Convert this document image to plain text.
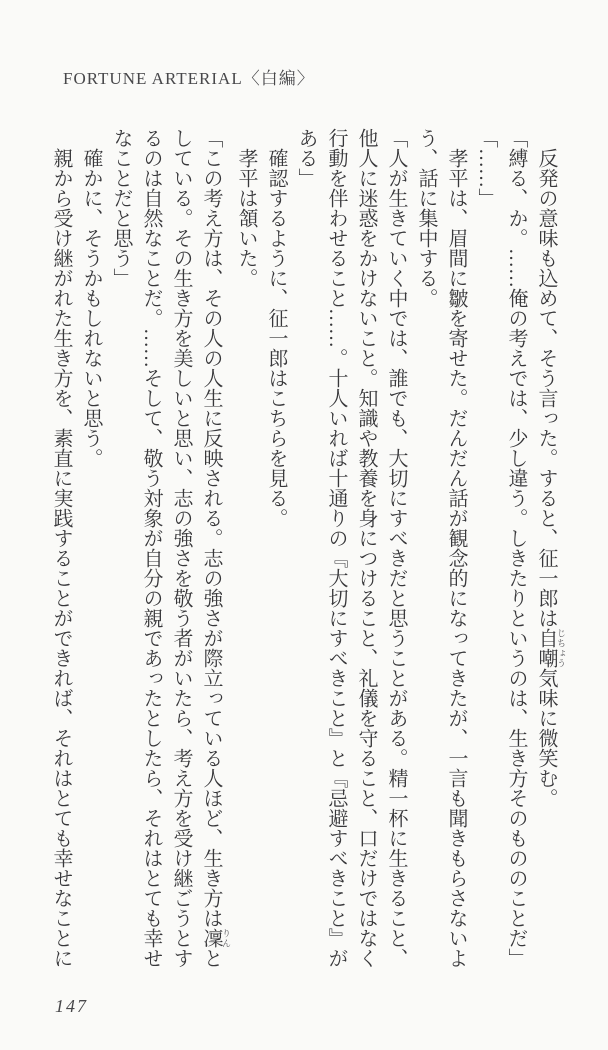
FORTUNE ARTERIAL〈白編〉

反発の意味も込めて、そう言った。すると、征一郎は自嘲 じちょう気味に微笑む。

「縛る、か。……俺の考えでは、少し違う。しきたりというのは、生き方そのもののことだ」

「……」

孝平は、眉間に皺を寄せた。だんだん話が観念的になってきたが、一言も聞きもらさないよう、話に集中する。

「人が生きていく中では、誰でも、大切にすべきだと思うことがある。精一杯に生きること、他人に迷惑をかけないこと。知識や教養を身につけること、礼儀を守ること、口だけではなく行動を伴わせること……。十人いれば十通りの『大切にすべきこと』と『忌避すべきこと』がある」

確認するように、征一郎はこちらを見る。

孝平は頷いた。

「この考え方は、その人の人生に反映される。志の強さが際立っている人ほど、生き方は凜 りんとしている。その生き方を美しいと思い、志の強さを敬う者がいたら、考え方を受け継ごうとするのは自然なことだ。……そして、敬う対象が自分の親であったとしたら、それはとても幸せなことだと思う」

確かに、そうかもしれないと思う。

親から受け継がれた生き方を、素直に実践することができれば、それはとても幸せなことに

147
